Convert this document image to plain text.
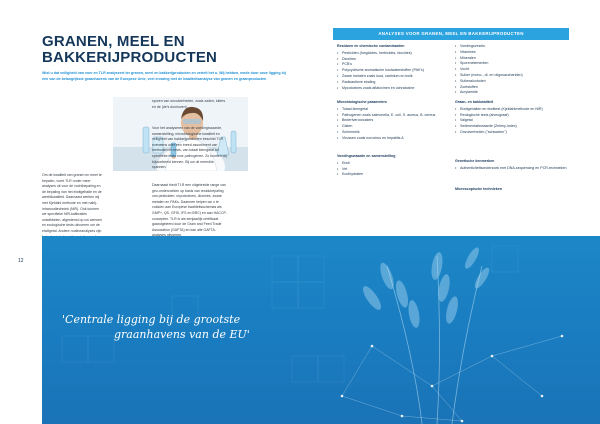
GRANEN, MEEL EN
BAKKERIJPRODUCTEN
Wist u dat veiligheid van voer en TLR analyseert ter granen, meel en bakkerijproducten en vertelt het u. Wij hebben, mede door onze ligging bij één van de belangrijkste graanhavens van de Europese Unie, veel ervaring met de kwaliteitsanalyse van granen en graanproducten
Om de kwaliteit van granen en meel te bepalen, voert TLR onder meer analyses uit voor de vochtbepaling en de bepaling van het eiwitgehalte en de weefdkwaliteit. Daarnaast werken wij met Kjeldahl methode en met nabij-infraroodtechniek (NIR). Ook kunnen we specifieke NIR-kalibraties ontwikkelen, afgestemd op uw wensen en ecologische tests uitvoeren om de eiwitgetal. Andere routineanalyses zijn
sporen van onzuiverheden, zoals zaden, luifers en de (de's doorloven).
Voor het analyseren van de voedingswaarde, samenstelling, microbiologische kwaliteit en veiligheid van bakkerijproducten beschikt TLR eveneens over een breed assortiment van methoden en tests, van totaal kiemgetal tot specifieke tests voor pathogenen. Zo kunnen wij bijvoorbeeld kennen. Bij uw uit meerdiie spannen.
Daarnaast biedt TLR een uitgebreide range van geo-onderzoeken op basis van residubepaling van pesticiden, mycotoxines, dioxines, zware metalen en PAKs. Daarmee helpen we u te voldoen aan Europese kwaliteitsschemas als GMP+, QS, GFSI, IFS en BRC) en aan HACCP-concepten. TLR is als eenjaarlijk certificaat gaandgeleerd door de Grain and Feed Trade Association (GAFTA) en kan alle GAFTA-
ANALYSES VOOR GRANEN, MEEL EN BAKKERIJPRODUCTEN
Residuen en chemische contaminanten
• Pesticiden (fungicides, herbicides, biocides)
• Dioxines
• PCB's
• Polycyclische aromatische koolwaterstoffen (PAK's)
• Zware metalen zoals lood, cadmium en kwik
• Radioactieve straling
• Mycotoxines zoals aflatoxinen en ochratoxine
Microbiologische parameters
• Totaal kiemgetal
• Pathogenen zoals salmonella, E. coli, S. aureus, B. cereus
• Bederfveroorzakers
• Gisten
• Schimmels
• Virussen zoals norovirus en hepatitis A
Voedingswaarde en samenstelling
• Eiwit
• Vet
• Koolhydraten
• Voedingsvezels
• Vitamines
• Mineralen
• Sporenelementen
• Vocht
• Suiker (mono-, di- en oligosacchariden)
• Suikeralcoholen
• Zoetstoffen
• Acrylamide
Graan- en bakkwaliteit
• Eiwitgehalten en eiwittest (Kjeldahlmethode en NIR)
• Reologische tests (alveograaf)
• Valgetal
• Sedimentatiewaarde (Zeleny-index)
• Onzuiverheden ("schwarten")
Genetische kenmerken
• Authenticiteitsonderzoek met DNA-sequencing en PCR-technieken
Microscopische technieken
12
'Centrale ligging bij de grootste
graanhavens van de EU'
